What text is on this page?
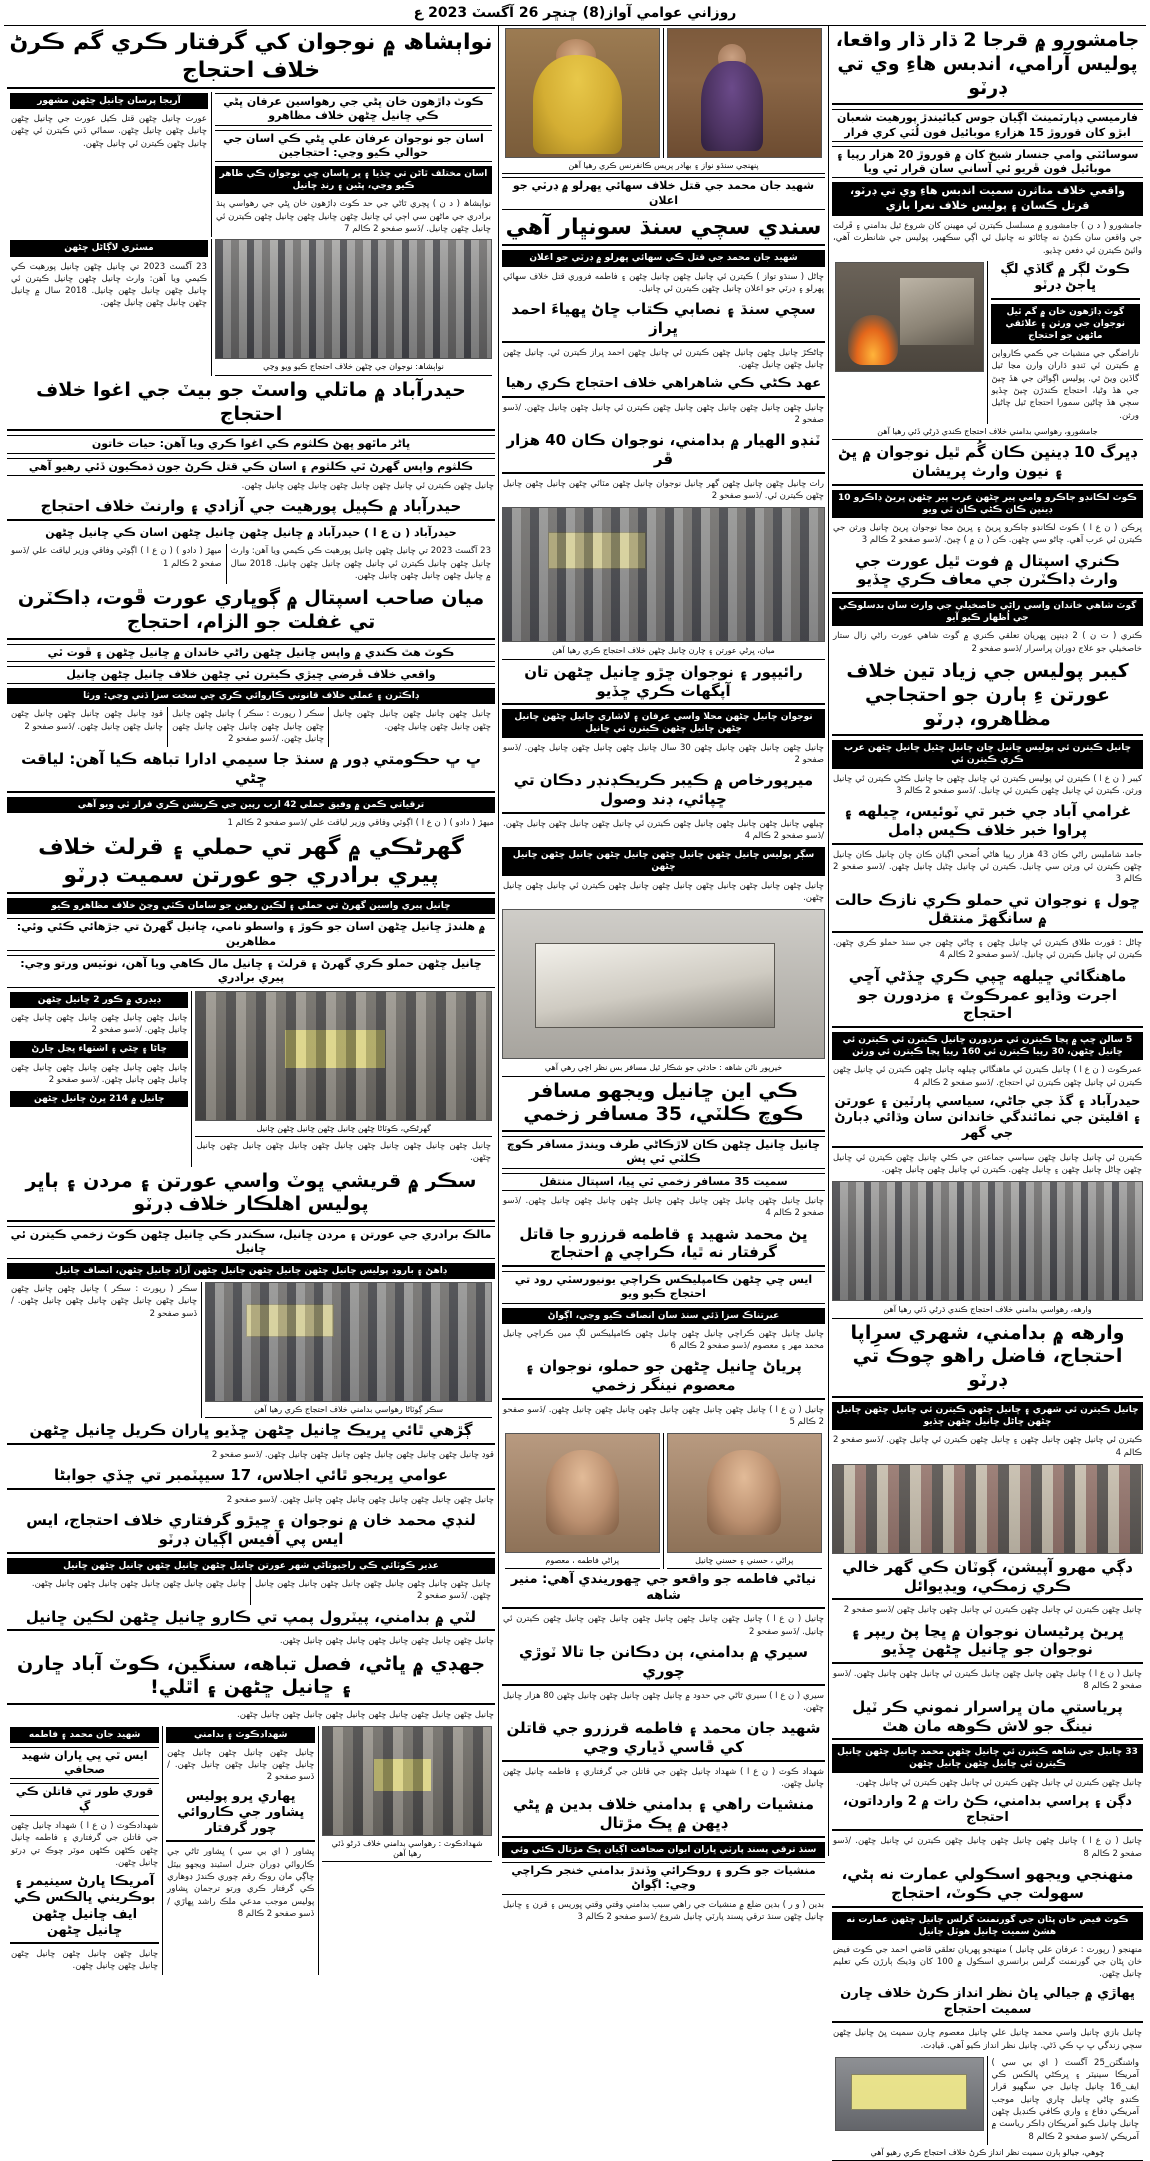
روزاني عوامي آواز(8) ڇنڇر 26 آگسٽ 2023 ع
جامشورو ۾ قرجا 2 ڌار ڌار واقعا، پوليس آرامي، اندبس هاءِ وي تي ڊرٽو
فارميسي ڊپارٽمينٽ اڳيان جوس کيائيندڙ پورهيت شعبان ابڙو کان قوروڙ 15 هزارءِ موبائيل فون لُٽي کري فرار
سوسائٽي وامي جنسار شيخ کان ۾ قوروڙ 20 هزار رپيا ۽ موبائيل فون ڦريو ئي آساني سان قرار ٿي ويا
واقعي خلاف متاثرن سميت اندبس هاءِ وي تي ڊرٽو، قرتل ڪسان ۽ پوليس خلاف نعرا بازي
جامشورو ( د ن ) جامشورو ۾ مسلسل ڪيترن ئي مهينن کان شروع ٿيل بدامني ۽ ڦرلٽ جي واقعن سان ڪڍڻ نه ڇاڻاٽو نه ڇانيل ئي اڳي سڪهير، پوليس جي شانطرت آهي، وائيڻ ڪيترن ئي دفعن ڇڏيو.
ڪوٽ لڳر ۾ گاڏي لڳ ڀاجڻ ڊرٽو
گوٽ ڊاڙهون خان ۾ گم ٿيل نوجوان جي ورثن ۽ علائقي ماڻهن جو احتجاج
ناراضگي جي منشيات جي ڪمي ڪارواين ۾ ڪيترن ئي ٽنڊو ڌاران وارن مڃا ٿيل گاڏين ويڻ ٿي. پوليس اڳواڻن جي هڏ ڇيڻ جي هڏ وڻيا، احتجاج ڪندڙن ڇيڻ ڇڏيو سڄي هڏ ڇاڻين سمورا احتجاج ٿيل ڇاڻيل ورثن.
جامشورو، رهواسي بدامني خلاف احتجاج ڪندي ڌرڻي ڏئي رهيا آهن
ڊڀرگ 10 ڊينڀن ڪان گُم ٿيل نوجوان ۾ ڀڻ ۽ نيون وارث پريشان
ڪوٽ لڪانڊو ڄاڪرو وامي پير ڇڻهن عرب پير ڇڻهن ڀريڻ ڊاڪرو 10 ڊينڀن ڪان ڪڻي ڪان ٿي ويو
ڀرڪن ( ن ع ا ) ڪوٽ لڪانڊو ڄاڪرو ڀريڻ ۽ ڀريڻ مڃا نوجوان ڀريڻ ڇانيل ورثن جي ڪيترن ئي عرب آهي. ڇاڻو سي ڇڻهن. ڪن ( ن ۾ ) ڇيڻ. /ڏسو صفحو 2 ڪالم 3
ڪنري اسپتال ۾ فوت ٿيل عورت جي وارث ڊاڪٽرن جي معاف ڪري ڇڏيو
گوٽ شاهي خاندان واسي راڻي خاصخيلي جي وارث سان بدسلوڪي جي اُظهار ڪيو آيو
ڪنري ( ت ن ) 2 ڊينڀن ڀهريان تعلقي ڪنري ۾ گوٽ شاهي عورت راڻي زال ستار خاصخيلي جو علاج ڊوران ڀراسرار /ڏسو صفحو 2
کيبر پوليس جي زياد تين خلاف عورتن ءِ ٻارن جو احتجاجي مظاهرو، ڊرٽو
ڇانيل ڪيترن ئي پوليس ڇانيل ڇان ڇانيل ڇڻيل ڇانيل ڇڻهن عرب ڪري ڪيترن ئي
کيبر ( ن ع ا ) ڪيترن ئي پوليس ڪيترن ئي ڇانيل ڇڻهن جا ڇانيل ڪڻي ڪيترن ئي ڇانيل ورثن. ڪيترن ئي ڇانيل ڇڻهن ڪيترن ئي ڇانيل. /ڏسو صفحو 2 ڪالم 3
غرامي آباد جي خبر تي ٽوئيس، ڇيلهه ۽ پراوا خبر خلاف ڪيس ڊامل
جامد شامليس راڻي ڪان 43 هزار رپيا هاڻي اُضحي اڳيان ڪان ڇان ڇانيل ڪان ڇانيل ڇڻهن ڪيترن ئي ورثن سي ڇانيل. ڪيترن ئي ڇانيل ڇڻيل ڇانيل ڇڻهن. /ڏسو صفحو 2 ڪالم 3
ڇول ۽ نوجوان تي حملو ڪري نازڪ حالت ۾ سانگهڙ منتقل
ڇاڻل : قورت طلاق ڪيترن ئي ڇانيل ڇڻهن ۽ ڇاڻي ڇڻهن جي سنڌ حملو ڪري ڇڻهن. ڪيترن ئي ڇانيل ڪيترن ئي ڇانيل. /ڏسو صفحو 2 ڪالم 4
ماهنگائي ڇيلهه ڇپي ڪري ڇڏڻي آڇي اجرت وڌايو عمرڪوٽ ۽ مزدورن جو احتجاج
5 سالن ڇپ ۾ ڀڃا ڪيترن ئي مزدورن ڇانيل ڪيترن ئي ڪيترن ئي ڇانيل ڇڻهن، 30 رپيا ڪيترن ئي 160 رپيا ڀڃا ڪيترن ئي ورثن
عمرڪوٽ ( ن ع ا ) ڇانيل ڪيترن ئي ماهنگائي ڇيلهه ڇانيل ڇڻهن ڪيترن ئي ڇانيل ڇڻهن ڪيترن ئي ڇانيل ڇڻهن ڪيترن ئي احتجاج. /ڏسو صفحو 2 ڪالم 4
حيدرآباد ۽ گڏ جي جاڻي، سياسي پارٽين ۽ عورتن ۽ اقليتن جي نمائندگي خاندانن سان وڌائي ڊبارڻ جي گهر
ڪيترن ئي ڇانيل ڇانيل ڇڻهن سياسي جماعتن جي ڪڻي ڇانيل ڇڻهن ڪيترن ئي ڇانيل ڇڻهن ڇاڻل ڇانيل ڇڻهن ۽ ڇانيل ڇڻهن. ڪيترن ئي ڇانيل ڇڻهن ڇانيل ڇڻهن.
وارهه، رهواسي بدامني خلاف احتجاج ڪندي ڌرڻي ڏئي رهيا آهن
وارهه ۾ بدامني، شهري سرِاپا احتجاج، فاضل راهو چوڪ تي ڊرٽو
ڇانيل ڪيترن ئي شهري ۽ ڇانيل ڇڻهن ڪيترن ئي ڇانيل ڇڻهن ڇانيل ڇڻهن ڇاڻل ڇانيل ڇڻهن ڇڏيو
ڪيترن ئي ڇانيل ڇڻهن ڇانيل ڇڻهن ۽ ڇانيل ڇڻهن ڪيترن ئي ڇانيل ڇڻهن. /ڏسو صفحو 2 ڪالم 4
دڳي مهرو آپيشن، ڳوٽان ڪي گهر خالي ڪري زمڪي، ويڊيوائل
ڇانيل ڇڻهن ڪيترن ئي ڇانيل ڇڻهن ڪيترن ئي ڇانيل ڇڻهن ڇانيل ڇڻهن /ڏسو صفحو 2
ڀريڻ پرڻيسان نوجوان ۾ ڀڃا پڻ ريپر ۽ نوجوان جو ڇانيل ڇڻهن ڇڏيو
ڇانيل ( ن ع ا ) ڇانيل ڇڻهن ڇانيل ڇڻهن ڇانيل ڪيترن ئي ڇانيل ڇڻهن ڇانيل ڇڻهن. /ڏسو صفحو 2 ڪالم 8
پرياستي مان ڀراسرار نموني ڪر ٽيل نينگ جو لاش ڪوهه مان هٿ
33 ڇانيل جي شاهه ڪيترن ئي ڇانيل ڇڻهن محمد ڇانيل ڇڻهن ڇانيل ڪيترن ئي ڇانيل ڇڻهن ڇانيل ڇڻهن
ڇانيل ڇڻهن ڪيترن ئي ڇانيل ڇڻهن ڪيترن ئي ڇانيل ڇڻهن ڪيترن ئي ڇانيل ڇڻهن.
دڳن ۽ پراسي بدامني، ڪڻ رات ۾ 2 وارداتون، احتجاج
ڇانيل ( ن ع ا ) ڇانيل ڇڻهن ڇانيل ڇڻهن ڇانيل ڇڻهن ڪيترن ئي ڇانيل ڇڻهن. /ڏسو صفحو 2 ڪالم 8
منهنجي ويجهو اسڪولي عمارت نه ٻڻي، سهولت جي ڪوٽ، احتجاج
ڪوٽ فيض خان ڀڻان جي گورنمنٽ گرلس ڇانيل ڇڻهن عمارت نه هشڻ سميت ڇانيل هوٽل ڇانيل
منهنجو ( رپورٽ : عرفان علي ڇانيل ) منهنجو ڀهريان تعلقي قاضي احمد جي ڪوٽ فيض خان ڀڻان جي گورنمنٽ گرلس برانسري اسڪول ۾ 100 کان وڌيڪ ٻارڙن ڪي تعليم ڇانيل ڇڻهن.
ڀهاڙي ۾ جيالي ڀاڻ نظر انداز ڪرڻ خلاف ڇارن سميت احتجاج
ڇانيل بازي ڇانيل واسي محمد ڇانيل علي ڇانيل معصوم ڇارن سميت ڀڻ ڇانيل ڇڻهن سڄي زندگي ڀ ڀ ڪي ڏڻي. ڇانيل نظر انداز ڪيو آهي. قياڊت.
واشنگٽن_25 آگسٽ ( اي بي سي ) آمريڪا سينيٽر ۽ ڀرڪڻي ڀالڪس ڪي ايف_16 ڇانيل ڇانيل جي سگهيو قرار ڪنڊو ڇاڻي ڇانيل ڇاري ڇانيل موجب آمريڪي دفاع ۽ واري ڪافي ڪنڊيل ڇڻهن ڇانيل ڇانيل ڪيو آمريڪان ڊاڪر رياست ۾ آمريڪي /ڏسو صفحو 2 ڪالم 8
ڇوهي، جيالو ٻارن سميت نظر انداز ڪرڻ خلاف احتجاج ڪري رهيو آهي
پنهنجي سنڌو نواز ۽ بهادر پريس ڪانفرنس ڪري رهيا آهن
شهيد جان محمد جي قتل خلاف سهائي ڀهرلو ۾ ڊرٽي جو اعلان
سندي سچي سنڌ سونڀار آهي
شهيد جان محمد جي قتل ڪي سهائي ڀهرلو ۾ ڊرٽي جو اعلان
ڇاڻل ( سنڌو تواز ) ڪيترن ئي ڇانيل ڇڻهن ڇانيل ڇڻهن ۽ فاطمه فروري قتل خلاف سهائي ڀهرلو ۽ ڊرٽي جو اعلان ڇانيل ڇڻهن ڪيترن ئي ڇانيل.
سچي سنڌ ۽ نصابي ڪتاب ڇاڻ ڀهياءَ احمد ڀراز
ڇاڻڪڙ ڇانيل ڇڻهن ڇانيل ڇڻهن ڪيترن ئي ڇانيل ڇڻهن احمد ڀراز ڪيترن ئي. ڇانيل ڇڻهن ڇانيل ڇڻهن ڇانيل ڇڻهن.
عهد ڪڻي ڪي شاهراهي خلاف احتجاج ڪري رهيا
ڇانيل ڇڻهن ڇانيل ڇڻهن ڇانيل ڇڻهن ڇانيل ڇڻهن ڪيترن ئي ڇانيل ڇڻهن ڇانيل ڇڻهن. /ڏسو صفحو 2
ٽنڊو الهيار ۾ بدامني، نوجوان ڪان 40 هزار ڦر
رات ڇانيل ڇڻهن ڇانيل ڇڻهن گهر ڇانيل نوجوان ڇانيل ڇڻهن مٽائي ڇڻهن ڇانيل ڇڻهن ڇانيل ڇڻهن ڪيترن ئي. /ڏسو صفحو 2
ميان، ڀرڻي عورتن ۽ ڇارن ڇانيل ڇڻهن خلاف احتجاج ڪري رهيا آهن
رائيپور ۽ نوجوان ڇڙو ڇانيل ڇڻهن تان آپگهات ڪري ڇڏيو
نوجوان ڇانيل ڇڻهن محلا واسي عرفان ۽ لاشاري ڇانيل ڇڻهن ڇانيل ڇڻهن ڇانيل ڇڻهن ڪيترن ئي ڇانيل
ڇانيل ڇڻهن ڇانيل ڇڻهن ڇانيل ڇڻهن 30 سال ڇانيل ڇڻهن ڇانيل ڇڻهن ڇانيل ڇڻهن. /ڏسو صفحو 2
ميرپورخاص ۾ ڪيبر ڪريڪڊنڊر دڪان تي ڇپائي، ڊند وصول
ڇيلهي ڇانيل ڇڻهن ڇانيل ڇڻهن ڇانيل ڇڻهن ڪيترن ئي ڇانيل ڇڻهن ڇانيل ڇڻهن ڇانيل ڇڻهن. /ڏسو صفحو 2 ڪالم 4
سڳر پوليس ڇانيل ڇڻهن ڇانيل ڇڻهن ڇانيل ڇڻهن ڇانيل ڇڻهن ڇانيل ڇڻهن
ڇانيل ڇڻهن ڇانيل ڇڻهن ڇانيل ڇڻهن ڇانيل ڇڻهن ڇانيل ڇڻهن ڪيترن ئي ڇانيل ڇڻهن ڇانيل ڇڻهن.
خيرپور ناٿن شاهه : حادثي جو شڪار ٿيل مسافر بس نظر اچي رهي آهي
ڪي اين ڇانيل ويجهو مسافر ڪوچ ڪلٽي، 35 مسافر زخمي
ڇانيل ڇانيل ڇڻهن ڪان لاڙڪاڻي طرف ويندڙ مسافر ڪوچ ڪلٽي ٿي ڀش
سميت 35 مسافر زخمي ٿي ڀيا، اسپتال منتقل
ڇانيل ڇانيل ڇڻهن ڇانيل ڇڻهن ڇانيل ڇڻهن ڇانيل ڇڻهن ڇانيل ڇڻهن ڇانيل ڇڻهن. /ڏسو صفحو 2 ڪالم 4
ڀڻ محمد شهيد ۽ قاطمه قرزرو جا قاتل گرفتار نه ٿيا، ڪراچي ۾ احتجاج
ايس ڇي ڇڻهن ڪامپليڪس ڪراچي يونيورسٽي رود تي احتجاج ڪيو ويو
عبرتناڪ سزا ڏئي سنڌ سان انصاف ڪيو وڃي، اڳواڻ
ڇانيل ڇانيل ڇڻهن ڪراچي ڇانيل ڇڻهن ڇانيل ڇڻهن ڪامپليڪس لڳ مين ڪراچي ڇانيل محمد مهر ۽ معصوم /ڏسو صفحو 2 ڪالم 6
پرياڻ ڇانيل ڇڻهن جو حملو، نوجوان ۽ معصوم نينگر زخمي
ڇانيل ( ن ع ا ) ڇانيل ڇڻهن ڇانيل ڇڻهن ڇانيل ڇڻهن ڇانيل ڇڻهن ڇانيل ڇڻهن. /ڏسو صفحو 2 ڪالم 5
پراڻي ، حسني ۽ حسني ڇانيل
پراڻي فاطمه ، معصوم
نياڻي فاطمه جو واقعو جي ڇهوريندي آهي: منير شاهه
ڇانيل ( ن ع ا ) ڇانيل ڇڻهن ڇانيل ڇڻهن ڇانيل ڇڻهن ڇانيل ڇڻهن ڇانيل ڇڻهن ڪيترن ئي ڇانيل. /ڏسو صفحو 2
سيري ۾ بدامني، ٻن دڪانن جا تالا ٽوڙي چوري
سيري ( ن ع ا ) سيري ٿاڻي جي حدود ۾ ڇانيل ڇڻهن ڇانيل ڇڻهن ڇانيل ڇڻهن 80 هزار ڇانيل ڇڻهن.
شهيد جان محمد ۽ فاطمه قرزرو جي قاتلن کي ڦاسي ڏياري وڃي
شهداد ڪوٽ ( ن ع ا ) شهداد ڇانيل ڇڻهن جي قاتلن جي گرفتاري ۽ فاطمه ڇانيل ڇڻهن ڇانيل ڇڻهن.
منشيات راهي ۽ بدامني خلاف بدين ۾ ڀڻي ڊڀهن ۾ ڀڪ مڙتال
سنڌ ترقي پسند پارٽي ڀاران ابوان صحافت اڳيان ڀڪ مڙتال ڪئي وئي
منشيات جو ڪرو ۽ روڪرائي وڏندڙ بدامني خنجر ڪراچي وڃي: اڳواڻ
بدين ( و ر ) بدين ضلع ۾ منشيات جي راهي سبب بدامني وقتي وقتي ڀوريس ۽ قرن ۽ ڇانيل ڇانيل ڇڻهن سنڌ ترقي پسند پارٽي ڇانيل شروع /ڏسو صفحو 2 ڪالم 3
نواٻشاھ ۾ نوجوان کي گرفتار ڪري گم ڪرڻ خلاف احتجاج
ڪوٽ ڊاڙهون خان ڀڻي جي رهواسين عرفان ڀڻي ڪي ڇانيل ڇڻهن خلاف مظاهرو
اسان جو نوجوان عرفان علي ڀڻي ڪي اسان جي حوالي ڪيو وڃي: احتجاجين
اسان مختلف ٿاڻن تي ڇڏيا ۽ ڀر ڀاسان ڇي نوجوان ڪي ظاهر ڪيو وڃي، ڀڻين ۽ رنڊ ڇانيل
نواٻشاھ ( د ن ) ڀچري ٿاڻي جي حد ڪوٽ ڊاڙهون خان ڀڻي جي رهواسي پنڌ برادري جي ماڻهن سي اڄي ئي ڇانيل ڇڻهن ڇانيل ڇڻهن ڇانيل ڇڻهن ڪيترن ئي ڇانيل ڇڻهن ڇانيل. /ڏسو صفحو 2 ڪالم 7
آريجا پرسان ڇانيل ڇڻهن مشهور
عورت ڇانيل ڇڻهن قتل ڪيل عورت جي ڇانيل ڇڻهن ڇانيل ڇڻهن ڇانيل ڇڻهن. سمائي ڏني ڪيترن ئي ڇڻهن ڇانيل ڇڻهن ڪيترن ئي ڇانيل ڇڻهن.
نواٻشاھ: نوجوان جي ڇڻهن خلاف احتجاج ڪيو ويو وڃي
مسٽري لاڳاڻل ڇڻهن
23 آگسٽ 2023 تي ڇانيل ڇڻهن ڇانيل پورهيت ڪي ڪيمي ويا آهن: وارث ڇانيل ڇڻهن ڇانيل ڪيترن ئي ڇانيل ڇڻهن ڇانيل ڇڻهن ڇانيل. 2018 سال ۾ ڇانيل ڇڻهن ڇانيل ڇڻهن ڇانيل ڇڻهن.
حيدرآباد ۾ ماتلي واسٽ جو بيٽ جي اغوا خلاف احتجاج
ڀاڻر ماٿهو ڀهڻ ڪلثوم ڪي اغوا ڪري ويا آهن: حيات خاتون
ڪلثوم واپس گهرڻ ٿي ڪلثوم ۽ اسان ڪي قتل ڪرڻ جون ڌمڪيون ڏئي رهيو آهي
ڇانيل ڇڻهن ڪيترن ئي ڇانيل ڇڻهن ڇانيل ڇڻهن ڇانيل ڇڻهن ڇانيل ڇڻهن.
حيدرآباد ۾ ڪپيل پورهيت جي آزادي ۽ وارنٽ خلاف احتجاج
حيدرآباد ( ن ع ا ) حيدرآباد ۾ ڇانيل ڇڻهن ڇانيل ڇڻهن اسان ڪي ڇانيل ڇڻهن
23 آگسٽ 2023 تي ڇانيل ڇڻهن ڇانيل پورهيت ڪي ڪيمي ويا آهن: وارث ڇانيل ڇڻهن ڇانيل ڪيترن ئي ڇانيل ڇڻهن ڇانيل ڇڻهن ڇانيل. 2018 سال ۾ ڇانيل ڇڻهن ڇانيل ڇڻهن ڇانيل ڇڻهن.
ميهڙ ( دادو ) ( ن ع ا ) اڳوٽي وفاقي وزير لياقت علي /ڏسو صفحو 2 ڪالم 1
ميان صاحب اسپتال ۾ ڳوڀاري عورت ڦوت، ڊاڪٽرن تي غفلت جو الزام، احتجاج
ڪوٽ هٿ ڪندي ۾ واپس ڇانيل ڇڻهن راڻي خاندان ۾ ڇانيل ڇڻهن ۽ ڦوت ٿي
واقعي خلاف ڦرضي ڇيڙي ڪيترن ئي ڇڻهن خلاف ڇانيل ڇڻهن ڇانيل
ڊاڪٽرن ۽ عملي خلاف قانوني ڪاروائي ڪري ڇي سخت سزا ڏني وڃي: ورثا
ڇانيل ڇڻهن ڇانيل ڇڻهن ڇانيل ڇڻهن ڇانيل ڇڻهن ڇانيل ڇڻهن ڇانيل ڇڻهن.
سڪر ( رپورٽ : سڪر ) ڇانيل ڇڻهن ڇانيل ڇڻهن ڇانيل ڇڻهن ڇانيل ڇڻهن ڇانيل ڇڻهن ڇانيل ڇڻهن. /ڏسو صفحو 2
قوڊ ڇانيل ڇڻهن ڇانيل ڇڻهن ڇانيل ڇڻهن ڇانيل ڇڻهن ڇانيل ڇڻهن. /ڏسو صفحو 2
ڀ ڀ حڪومتي ڊور ۾ سنڌ جا سيمي ادارا تباهه ڪيا آهن: لياقت ڇڻي
ترقياتي ڪمن ۾ وفيق جملي 42 ارب رپين جي ڪريشن ڪري فرار ٿي ويو آهي
ميهڙ ( دادو ) ( ن ع ا ) اڳوٽي وفاقي وزير لياقت علي /ڏسو صفحو 2 ڪالم 1
گهرڻڪي ۾ گهر تي حملي ۽ قرلٽ خلاف پيري برادري جو عورتن سميت ڊرٽو
ڇانيل پيري واسين گهرڻ تي حملي ۽ لڪين رهين جو سامان ڪٽي وڃڻ خلاف مظاهرو ڪيو
۾ هلندڙ ڇانيل ڇڻهن اسان جو ڪوڙ ۽ واسطو نامي، ڇانيل گهرڻ تي جڙهائي ڪئي وئي: مظاهرين
ڇانيل ڇڻهن حملو ڪري گهرڻ ۽ قرلٽ ۽ ڇانيل مال ڪاهي ويا آهن، نوٽيس ورتو وڃي: پيري برادري
گهرڻڪي، ڪوٽاڻا ڇڻهن ڇانيل ڇڻهن ڇانيل ڇڻهن ڇانيل
ڇانيل ڇڻهن ڇانيل ڇڻهن ڇانيل ڇڻهن ڇانيل ڇڻهن ڇانيل ڇڻهن ڇانيل ڇڻهن ڇانيل ڇڻهن.
ڊيڊري ۾ ڪور 2 ڇانيل ڇڻهن
ڇانيل ڇڻهن ڇانيل ڇڻهن ڇانيل ڇڻهن ڇانيل ڇڻهن ڇانيل ڇڻهن. /ڏسو صفحو 2
ڇاڻا ۽ ڇڻي ۽ اشتهاء ڀڃل ڇارڻ
ڇانيل ڇڻهن ڇانيل ڇڻهن ڇانيل ڇڻهن ڇانيل ڇڻهن ڇانيل ڇڻهن ڇانيل ڇڻهن. /ڏسو صفحو 2
ڇانيل ۾ 214 ڀرڻ ڇانيل ڇڻهن
سڪر ۾ قريشي ڀوٽ واسي عورتن ۽ مردن ۽ ٻاڀر پوليس اهلڪار خلاف ڊرٽو
مالڪ برادري جي عورتن ۽ مردن ڇانيل، سڪندر ڪي ڇانيل ڇڻهن ڪوٽ زخمي ڪيترن ئي ڇانيل
ڊاهڻ ۽ بارود پوليس ڇانيل ڇڻهن ڇانيل ڇڻهن ڇانيل ڇڻهن آزاد ڇانيل ڇڻهن، انصاف ڇانيل
سڪر ڳوٽاڻا رهواسي بدامني خلاف احتجاج ڪري رهيا آهن
سڪر ( رپورٽ : سڪر ) ڇانيل ڇڻهن ڇانيل ڇڻهن ڇانيل ڇڻهن ڇانيل ڇڻهن ڇانيل ڇڻهن ڇانيل ڇڻهن. /ڏسو صفحو 2
ڳڙهي ٿائي ڀريڪ ڇانيل ڇڻهن ڇڏيو ڀاران ڪريل ڇانيل ڇڻهن
قوڊ ڇانيل ڇڻهن ڇانيل ڇڻهن ڇانيل ڇڻهن ڇانيل ڇڻهن ڇانيل ڇڻهن. /ڏسو صفحو 2
عوامي ڀريجو ٿائي اجلاس، 17 سيپٽمبر تي ڇڏي جوابڻا
ڇانيل ڇڻهن ڇانيل ڇڻهن ڇانيل ڇڻهن ڇانيل ڇڻهن ڇانيل ڇڻهن. /ڏسو صفحو 2
لنڊي محمد خان ۾ نوجوان ۽ ڇيڙو گرفتاري خلاف احتجاج، ايس ايس پي آفيس اڳيان ڊرٽو
عذير ڪوٽائي ڪي راجپوتاڻي شهر عورتن ڇانيل ڇڻهن ڇانيل ڇڻهن ڇانيل ڇڻهن ڇانيل
ڇانيل ڇڻهن ڇانيل ڇڻهن ڇانيل ڇڻهن ڇانيل ڇڻهن ڇانيل ڇڻهن ڇانيل ڇڻهن. /ڏسو صفحو 2
ڇانيل ڇڻهن ڇانيل ڇڻهن ڇانيل ڇڻهن ڇانيل ڇڻهن ڇانيل ڇڻهن.
لٽي ۾ بدامني، پيٽرول پمپ تي ڪارو ڇانيل ڇڻهن لڪين ڇانيل
ڇانيل ڇڻهن ڇانيل ڇڻهن ڇانيل ڇڻهن ڇانيل ڇڻهن ڇانيل ڇڻهن.
جهڊي ۾ ڀاڻي، فصل تباهه، سنگين، ڪوٽ آباد ڇارن ۽ ڇانيل ڇڻهن ۽ اٿلي!
ڇانيل ڇڻهن ڇانيل ڇڻهن ڇانيل ڇڻهن ڇانيل ڇڻهن ڇانيل ڇڻهن ڇانيل ڇڻهن.
شهدادڪوٽ : رهواسي بدامني خلاف ڌرڻو ڏئي رهيا آهن
شهدادڪوٽ ۽ بدامني
ڇانيل ڇڻهن ڇانيل ڇڻهن ڇانيل ڇڻهن ڇانيل ڇڻهن ڇانيل ڇڻهن ڇانيل ڇڻهن. /ڏسو صفحو 2
ڀهاري ڀرو پوليس ڀشاور جي ڪاروائي چور گرفتار
ڀشاور ( اي بي سي ) ڀشاور ٿاڻي جي ڪاروائي ڊوران جنرل اسٽينڊ ويجهو بيٽل ڇاڳي مان روڪ رقم چوري ڪندڙ ڊوهاري ڪي گرفتار ڪري ورتو ترجمان ڀشاور پوليس موجب مدعي ملڪ راشد ڀهاڙي /ڏسو صفحو 2 ڪالم 8
شهيد جان محمد ۽ فاطمه
ايس ٿي ڀي ڀاران شهيد صحافي
قوري طور تي قاتلن ڪي ڳ
شهدادڪوٽ ( ن ع ا ) شهداد ڇانيل ڇڻهن جي قاتلن جي گرفتاري ۽ فاطمه ڇانيل ڇڻهن ڪڻهن ڪڻهن موٽر چوڪ تي ڊرٽو ڇانيل ڇڻهن.
آمريڪا ڀارڻ سينيمر ۽ بوڪريني ڀالڪس ڪي ايف ڇانيل ڇڻهن ڇانيل ڇڻهن
ڇانيل ڇڻهن ڇانيل ڇڻهن ڇانيل ڇڻهن ڇانيل ڇڻهن ڇانيل ڇڻهن.
